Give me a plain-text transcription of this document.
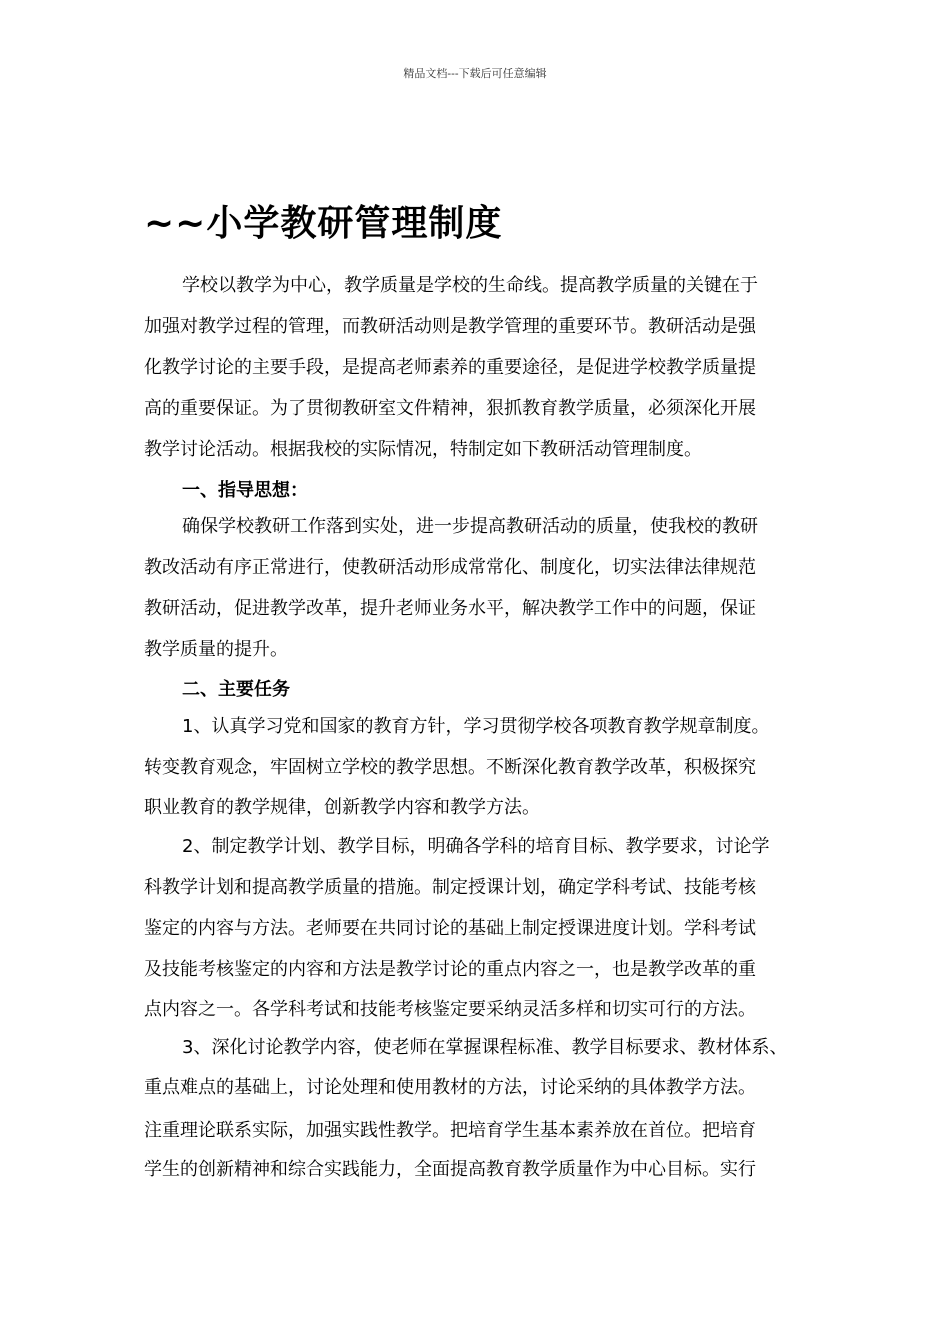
精品文档---下载后可任意编辑
~~小学教研管理制度
学校以教学为中心，教学质量是学校的生命线。提高教学质量的关键在于
加强对教学过程的管理，而教研活动则是教学管理的重要环节。教研活动是强
化教学讨论的主要手段，是提高老师素养的重要途径，是促进学校教学质量提
高的重要保证。为了贯彻教研室文件精神，狠抓教育教学质量，必须深化开展
教学讨论活动。根据我校的实际情况，特制定如下教研活动管理制度。
一、指导思想：
确保学校教研工作落到实处，进一步提高教研活动的质量，使我校的教研
教改活动有序正常进行，使教研活动形成常常化、制度化，切实法律法律规范
教研活动，促进教学改革，提升老师业务水平，解决教学工作中的问题，保证
教学质量的提升。
二、主要任务
1、认真学习党和国家的教育方针，学习贯彻学校各项教育教学规章制度。
转变教育观念，牢固树立学校的教学思想。不断深化教育教学改革，积极探究
职业教育的教学规律，创新教学内容和教学方法。
2、制定教学计划、教学目标，明确各学科的培育目标、教学要求，讨论学
科教学计划和提高教学质量的措施。制定授课计划，确定学科考试、技能考核
鉴定的内容与方法。老师要在共同讨论的基础上制定授课进度计划。学科考试
及技能考核鉴定的内容和方法是教学讨论的重点内容之一，也是教学改革的重
点内容之一。各学科考试和技能考核鉴定要采纳灵活多样和切实可行的方法。
3、深化讨论教学内容，使老师在掌握课程标准、教学目标要求、教材体系、
重点难点的基础上，讨论处理和使用教材的方法，讨论采纳的具体教学方法。
注重理论联系实际，加强实践性教学。把培育学生基本素养放在首位。把培育
学生的创新精神和综合实践能力，全面提高教育教学质量作为中心目标。实行
